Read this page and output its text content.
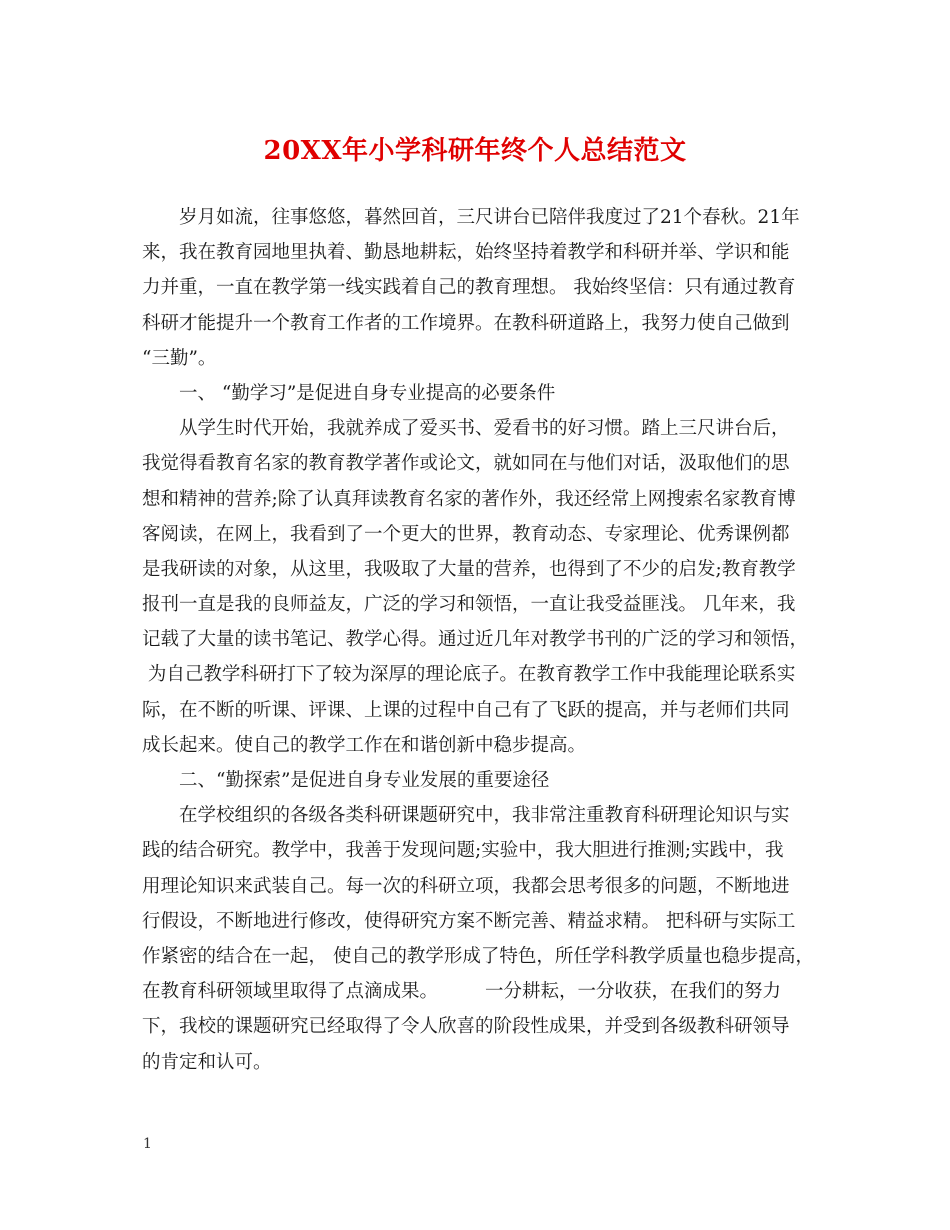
20XX年小学科研年终个人总结范文
岁月如流，往事悠悠，暮然回首，三尺讲台已陪伴我度过了21个春秋。21年
来，我在教育园地里执着、勤恳地耕耘，始终坚持着教学和科研并举、学识和能
力并重，一直在教学第一线实践着自己的教育理想。 我始终坚信：只有通过教育
科研才能提升一个教育工作者的工作境界。在教科研道路上，我努力使自己做到
“三勤”。
一、 “勤学习”是促进自身专业提高的必要条件
从学生时代开始，我就养成了爱买书、爱看书的好习惯。踏上三尺讲台后，
我觉得看教育名家的教育教学著作或论文，就如同在与他们对话，汲取他们的思
想和精神的营养;除了认真拜读教育名家的著作外，我还经常上网搜索名家教育博
客阅读，在网上，我看到了一个更大的世界，教育动态、专家理论、优秀课例都
是我研读的对象，从这里，我吸取了大量的营养，也得到了不少的启发;教育教学
报刊一直是我的良师益友，广泛的学习和领悟，一直让我受益匪浅。 几年来，我
记载了大量的读书笔记、教学心得。通过近几年对教学书刊的广泛的学习和领悟，
为自己教学科研打下了较为深厚的理论底子。在教育教学工作中我能理论联系实
际，在不断的听课、评课、上课的过程中自己有了飞跃的提高，并与老师们共同
成长起来。使自己的教学工作在和谐创新中稳步提高。
二、“勤探索”是促进自身专业发展的重要途径
在学校组织的各级各类科研课题研究中，我非常注重教育科研理论知识与实
践的结合研究。教学中，我善于发现问题;实验中，我大胆进行推测;实践中，我
用理论知识来武装自己。每一次的科研立项，我都会思考很多的问题，不断地进
行假设，不断地进行修改，使得研究方案不断完善、精益求精。 把科研与实际工
作紧密的结合在一起， 使自己的教学形成了特色，所任学科教学质量也稳步提高，
在教育科研领域里取得了点滴成果。        一分耕耘，一分收获，在我们的努力
下，我校的课题研究已经取得了令人欣喜的阶段性成果，并受到各级教科研领导
的肯定和认可。
1
